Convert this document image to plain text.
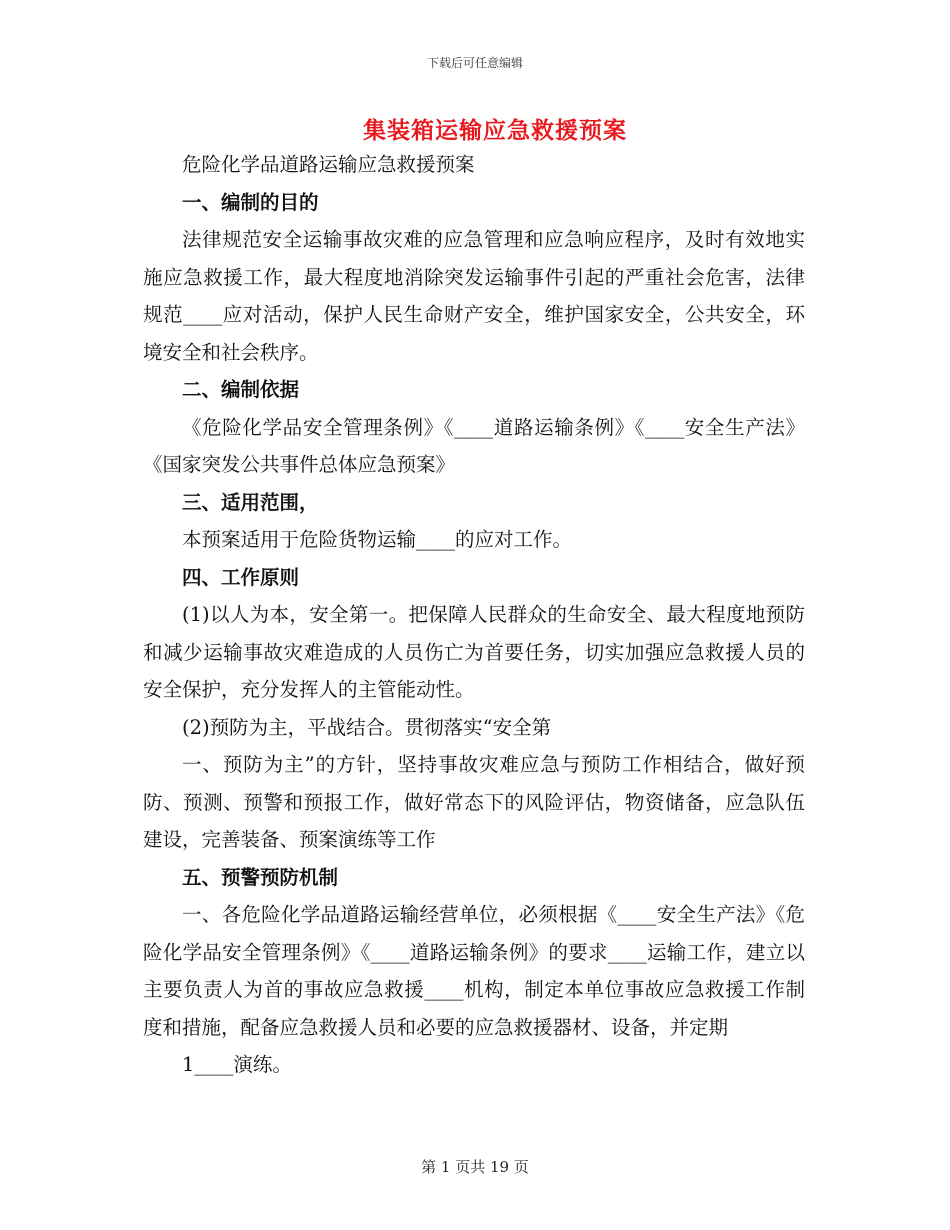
下载后可任意编辑
集装箱运输应急救援预案

危险化学品道路运输应急救援预案

一、编制的目的

法律规范安全运输事故灾难的应急管理和应急响应程序，及时有效地实施应急救援工作，最大程度地消除突发运输事件引起的严重社会危害，法律规范____应对活动，保护人民生命财产安全，维护国家安全，公共安全，环境安全和社会秩序。

二、编制依据

《危险化学品安全管理条例》《____道路运输条例》《____安全生产法》《国家突发公共事件总体应急预案》

三、适用范围，

本预案适用于危险货物运输____的应对工作。

四、工作原则

(1)以人为本，安全第一。把保障人民群众的生命安全、最大程度地预防和减少运输事故灾难造成的人员伤亡为首要任务，切实加强应急救援人员的安全保护，充分发挥人的主管能动性。

(2)预防为主，平战结合。贯彻落实“安全第

一、预防为主”的方针，坚持事故灾难应急与预防工作相结合，做好预防、预测、预警和预报工作，做好常态下的风险评估，物资储备，应急队伍建设，完善装备、预案演练等工作

五、预警预防机制

一、各危险化学品道路运输经营单位，必须根据《____安全生产法》《危险化学品安全管理条例》《____道路运输条例》的要求____运输工作，建立以主要负责人为首的事故应急救援____机构，制定本单位事故应急救援工作制度和措施，配备应急救援人员和必要的应急救援器材、设备，并定期

1____演练。

第 1 页共 19 页
